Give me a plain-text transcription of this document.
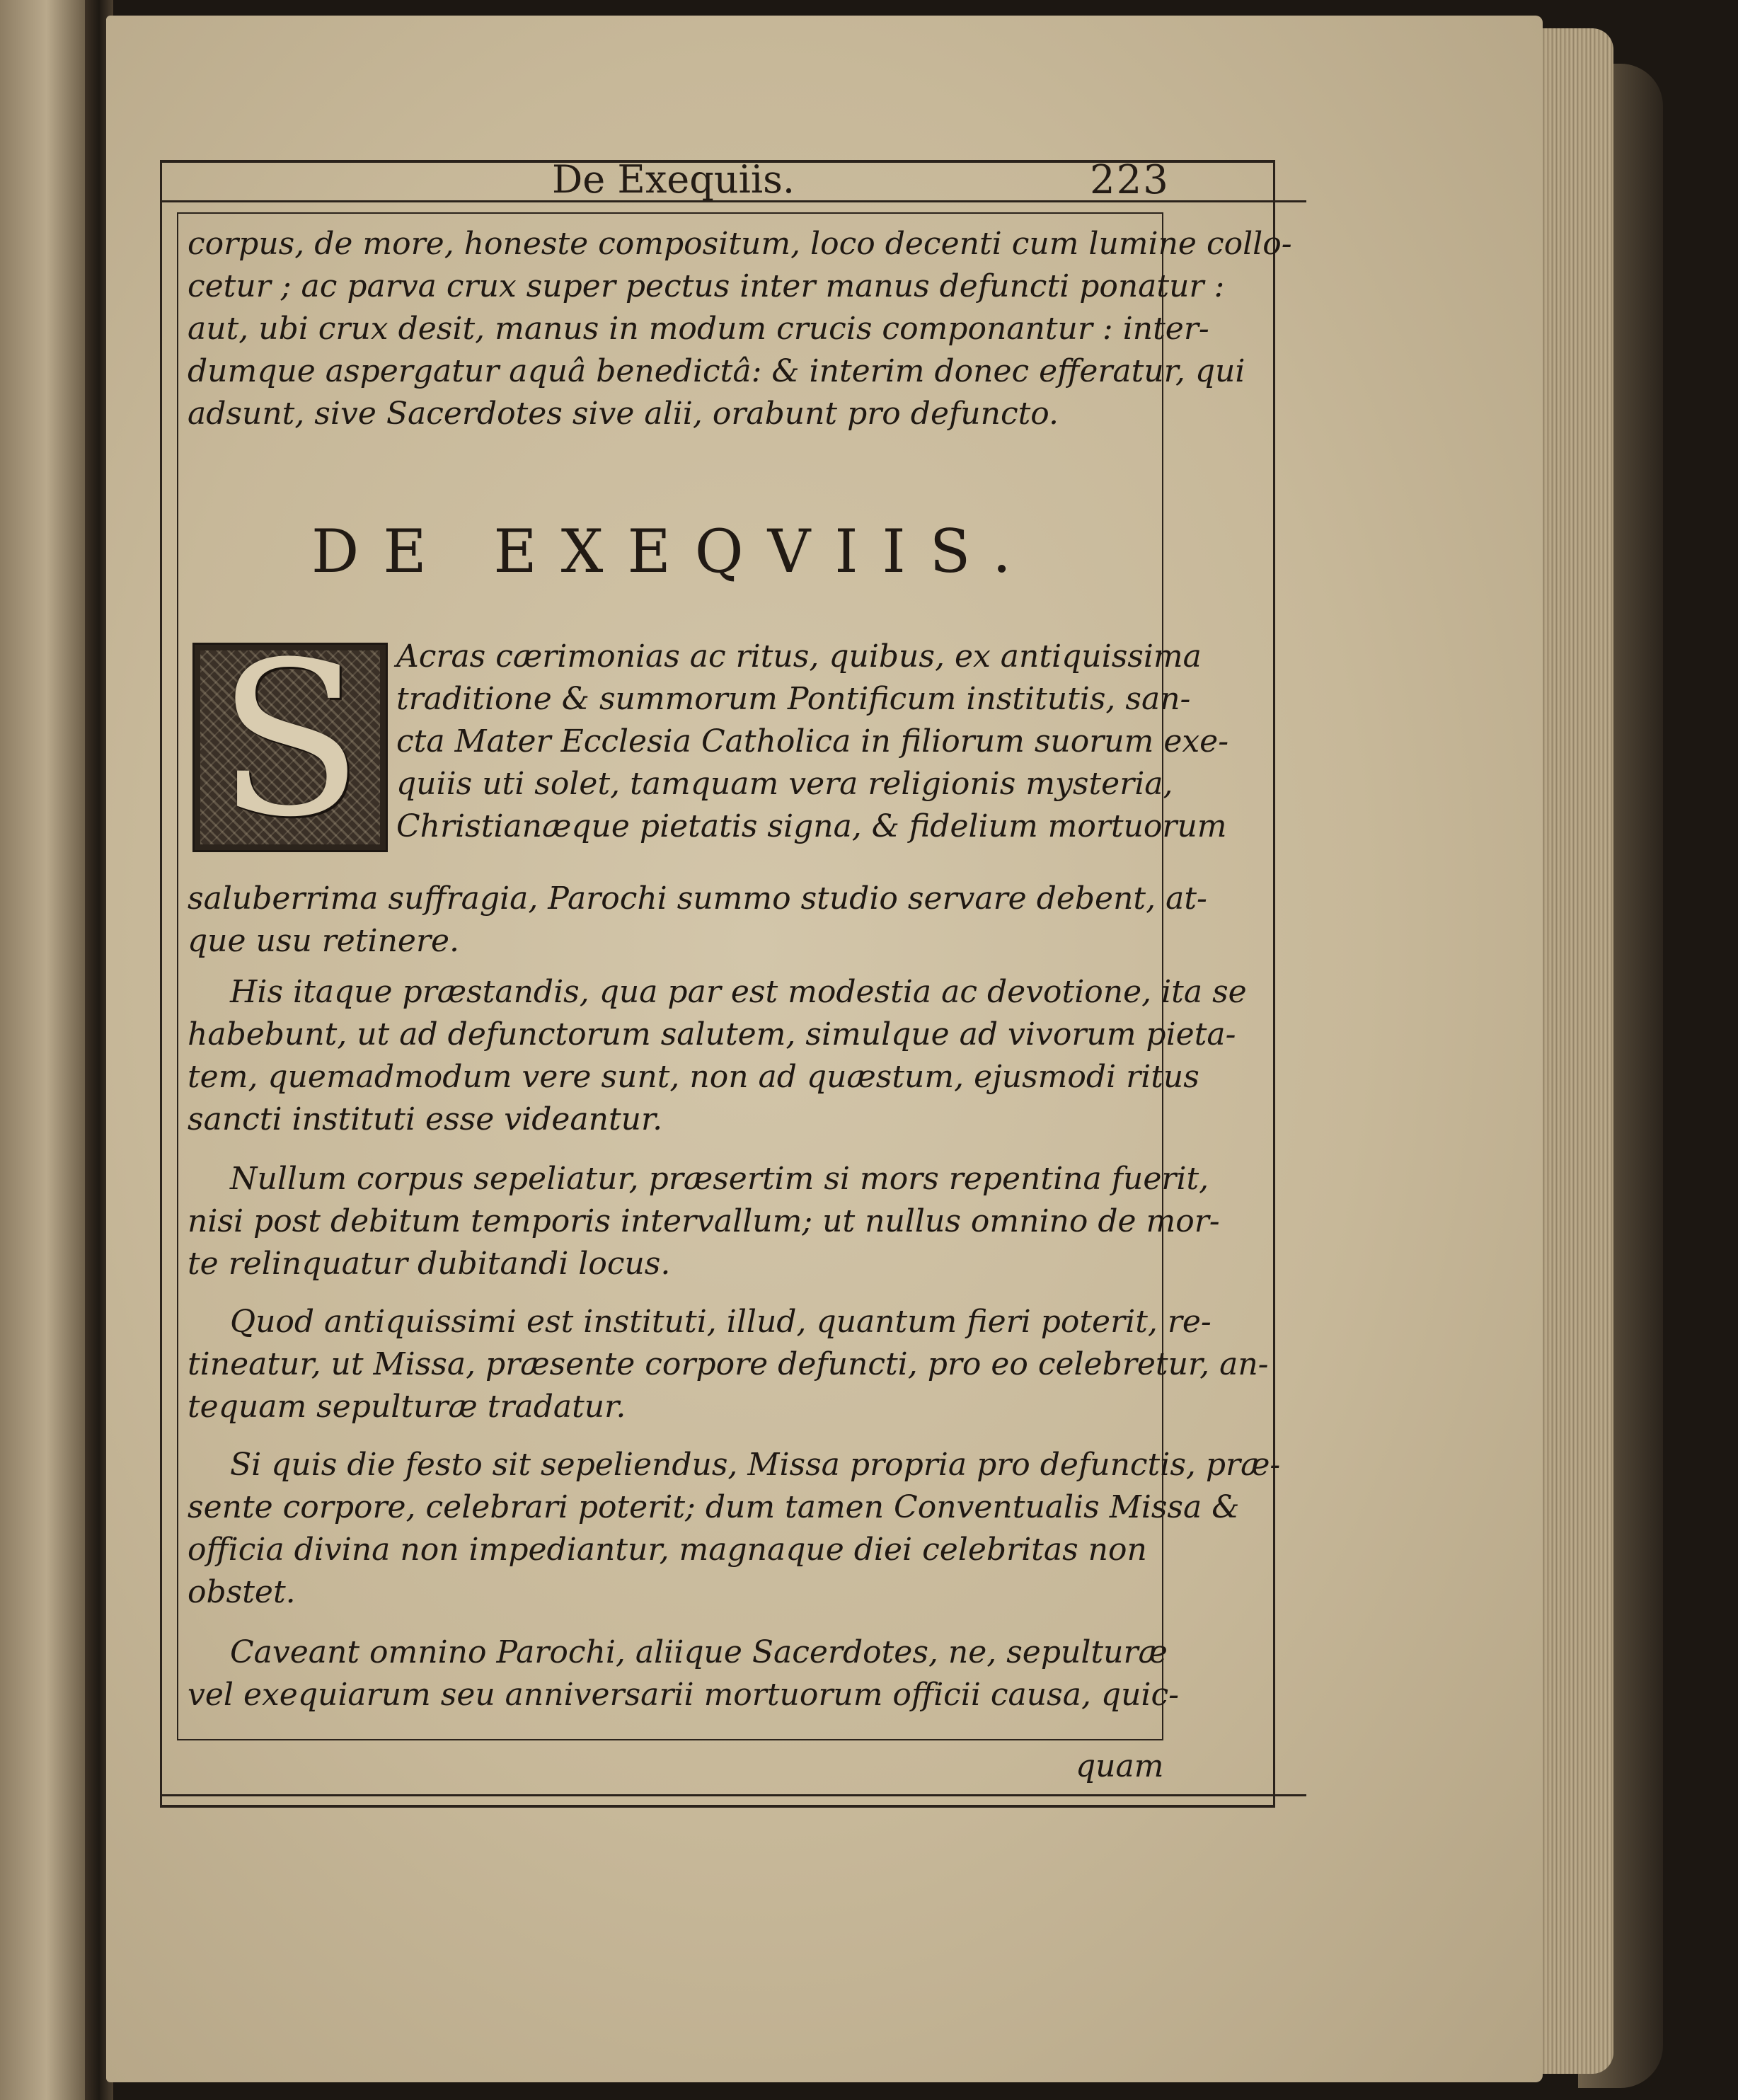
De Exequiis.	223
corpus, de more, honeste compositum, loco decenti cum lumine collo-
cetur ; ac parva crux super pectus inter manus defuncti ponatur :
aut, ubi crux desit, manus in modum crucis componantur : inter-
dumque aspergatur aquâ benedictâ: & interim donec efferatur, qui
adsunt, sive Sacerdotes sive alii, orabunt pro defuncto.
DE EXEQVIIS.
S	Acras cærimonias ac ritus, quibus, ex antiquissima
traditione & summorum Pontificum institutis, san-
cta Mater Ecclesia Catholica in filiorum suorum exe-
quiis uti solet, tamquam vera religionis mysteria,
Christianæque pietatis signa, & fidelium mortuorum
saluberrima suffragia, Parochi summo studio servare debent, at-
que usu retinere.
His itaque præstandis, qua par est modestia ac devotione, ita se
habebunt, ut ad defunctorum salutem, simulque ad vivorum pieta-
tem, quemadmodum vere sunt, non ad quæstum, ejusmodi ritus
sancti instituti esse videantur.
Nullum corpus sepeliatur, præsertim si mors repentina fuerit,
nisi post debitum temporis intervallum; ut nullus omnino de mor-
te relinquatur dubitandi locus.
Quod antiquissimi est instituti, illud, quantum fieri poterit, re-
tineatur, ut Missa, præsente corpore defuncti, pro eo celebretur, an-
tequam sepulturæ tradatur.
Si quis die festo sit sepeliendus, Missa propria pro defunctis, præ-
sente corpore, celebrari poterit; dum tamen Conventualis Missa &
officia divina non impediantur, magnaque diei celebritas non
obstet.
Caveant omnino Parochi, aliique Sacerdotes, ne, sepulturæ
vel exequiarum seu anniversarii mortuorum officii causa, quic-
quam
